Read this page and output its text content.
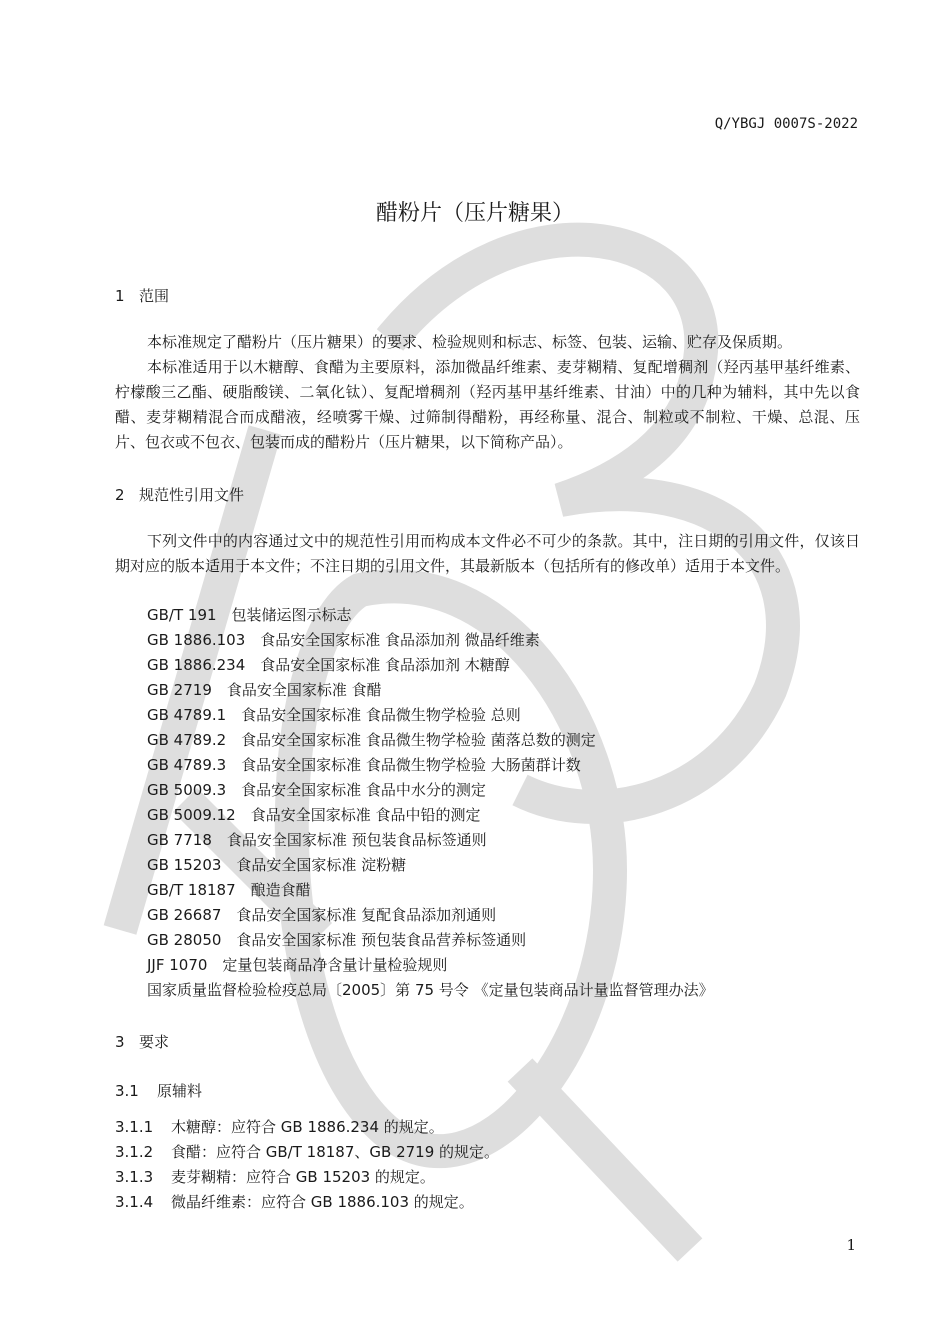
Q/YBGJ 0007S-2022
醋粉片（压片糖果）
1 范围

本标准规定了醋粉片（压片糖果）的要求、检验规则和标志、标签、包装、运输、贮存及保质期。

本标准适用于以木糖醇、食醋为主要原料，添加微晶纤维素、麦芽糊精、复配增稠剂（羟丙基甲基纤维素、柠檬酸三乙酯、硬脂酸镁、二氧化钛）、复配增稠剂（羟丙基甲基纤维素、甘油）中的几种为辅料，其中先以食醋、麦芽糊精混合而成醋液，经喷雾干燥、过筛制得醋粉，再经称量、混合、制粒或不制粒、干燥、总混、压片、包衣或不包衣、包装而成的醋粉片（压片糖果，以下简称产品）。

2 规范性引用文件

下列文件中的内容通过文中的规范性引用而构成本文件必不可少的条款。其中，注日期的引用文件，仅该日期对应的版本适用于本文件；不注日期的引用文件，其最新版本（包括所有的修改单）适用于本文件。

GB/T 191　包装储运图示标志
GB 1886.103　食品安全国家标准 食品添加剂 微晶纤维素
GB 1886.234　食品安全国家标准 食品添加剂 木糖醇
GB 2719　食品安全国家标准 食醋
GB 4789.1　食品安全国家标准 食品微生物学检验 总则
GB 4789.2　食品安全国家标准 食品微生物学检验 菌落总数的测定
GB 4789.3　食品安全国家标准 食品微生物学检验 大肠菌群计数
GB 5009.3　食品安全国家标准 食品中水分的测定
GB 5009.12　食品安全国家标准 食品中铅的测定
GB 7718　食品安全国家标准 预包装食品标签通则
GB 15203　食品安全国家标准 淀粉糖
GB/T 18187　酿造食醋
GB 26687　食品安全国家标准 复配食品添加剂通则
GB 28050　食品安全国家标准 预包装食品营养标签通则
JJF 1070　定量包装商品净含量计量检验规则
国家质量监督检验检疫总局〔2005〕第 75 号令 《定量包装商品计量监督管理办法》
3 要求
3.1 原辅料
3.1.1 木糖醇：应符合 GB 1886.234 的规定。
3.1.2 食醋：应符合 GB/T 18187、GB 2719 的规定。
3.1.3 麦芽糊精：应符合 GB 15203 的规定。
3.1.4 微晶纤维素：应符合 GB 1886.103 的规定。
1
